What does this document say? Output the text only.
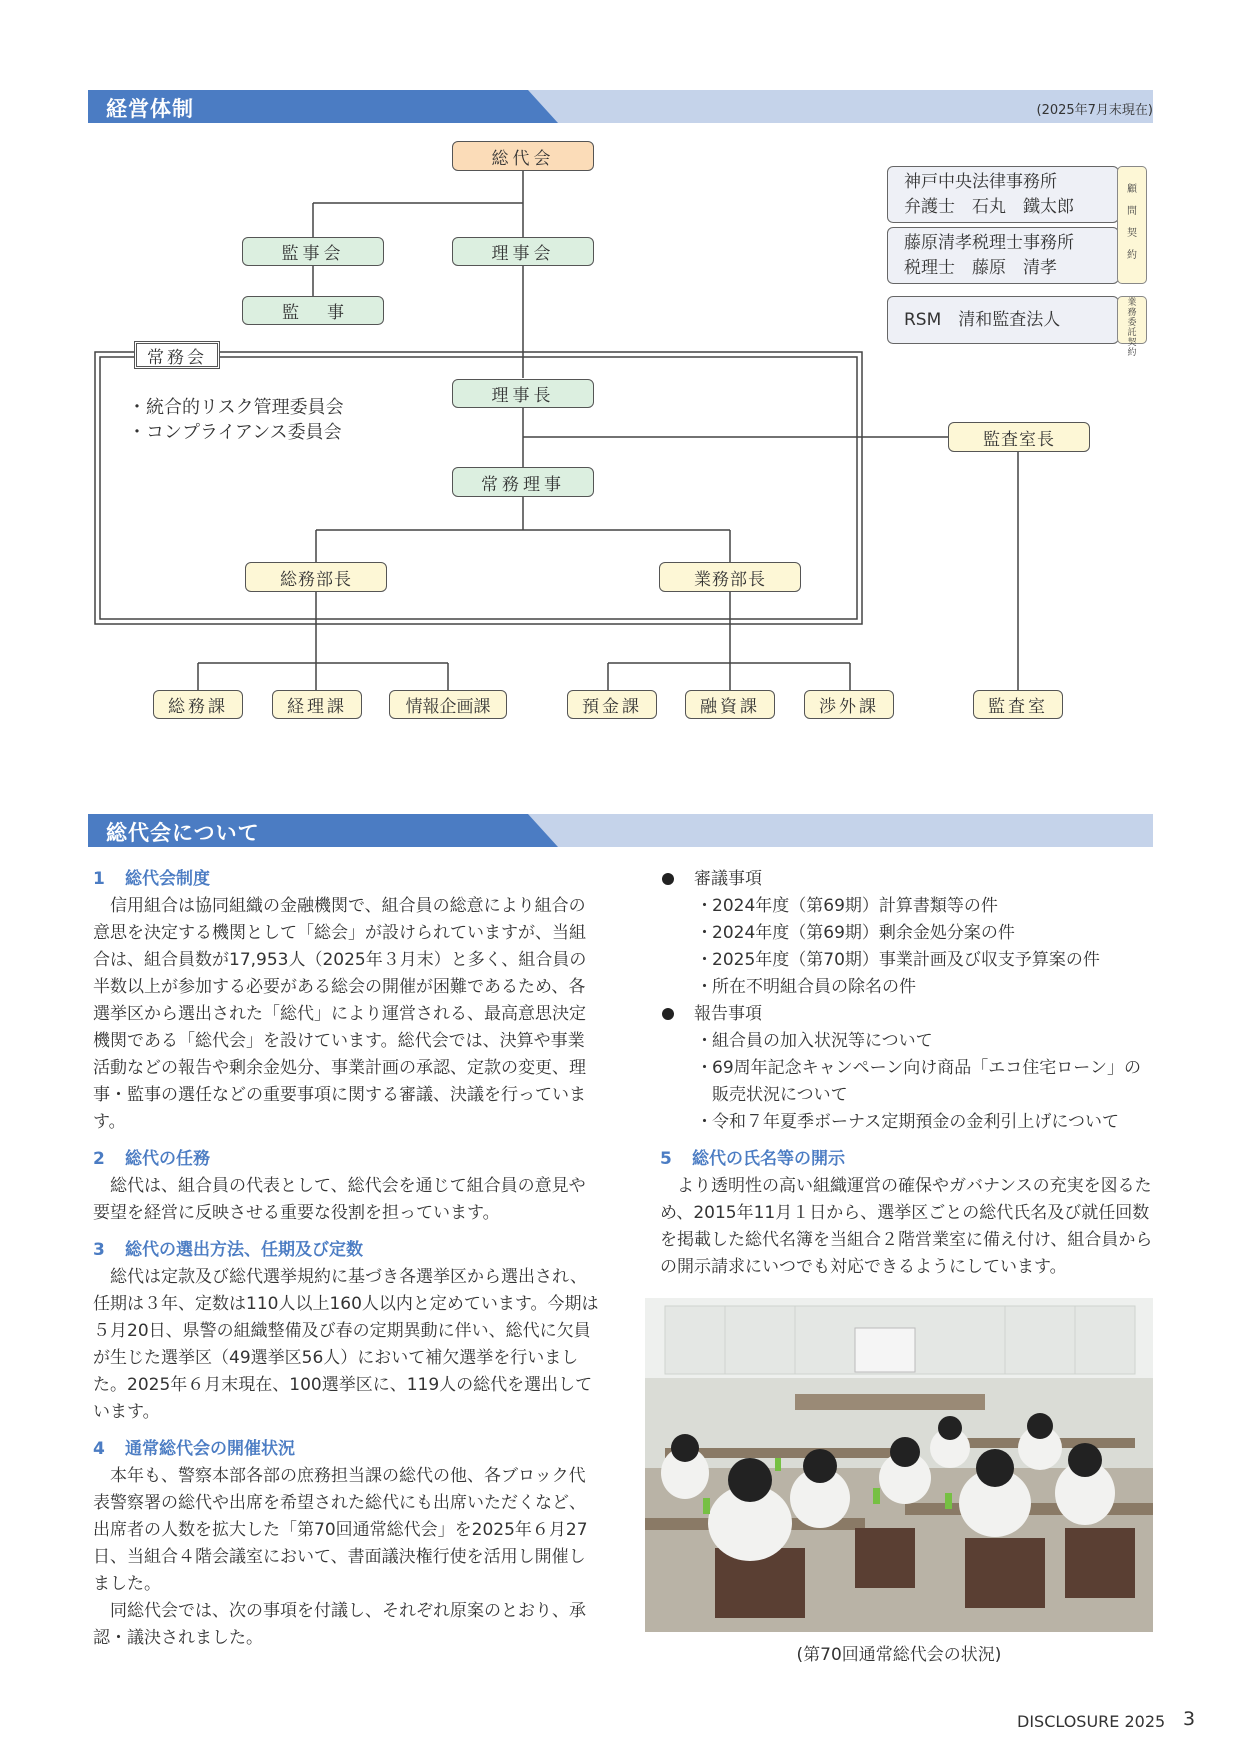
経営体制	(2025年7月末現在)
総代会
監事会	理事会
監事
常務会
・統合的リスク管理委員会
・コンプライアンス委員会
理事長
常務理事
総務部長	業務部長
監査室長
総務課	経理課	情報企画課	預金課	融資課	渉外課	監査室
神戸中央法律事務所
弁護士　石丸　鐵太郎
藤原清孝税理士事務所
税理士　藤原　清孝
顧
問
契
約
RSM　清和監査法人
業
務
委
託
契
約
総代会について
1 総代会制度

信用組合は協同組織の金融機関で、組合員の総意により組合の意思を決定する機関として「総会」が設けられていますが、当組合は、組合員数が17,953人（2025年３月末）と多く、組合員の半数以上が参加する必要がある総会の開催が困難であるため、各選挙区から選出された「総代」により運営される、最高意思決定機関である「総代会」を設けています。総代会では、決算や事業活動などの報告や剰余金処分、事業計画の承認、定款の変更、理事・監事の選任などの重要事項に関する審議、決議を行っています。

2 総代の任務

総代は、組合員の代表として、総代会を通じて組合員の意見や要望を経営に反映させる重要な役割を担っています。

3 総代の選出方法、任期及び定数

総代は定款及び総代選挙規約に基づき各選挙区から選出され、任期は３年、定数は110人以上160人以内と定めています。今期は５月20日、県警の組織整備及び春の定期異動に伴い、総代に欠員が生じた選挙区（49選挙区56人）において補欠選挙を行いました。2025年６月末現在、100選挙区に、119人の総代を選出しています。

4 通常総代会の開催状況

本年も、警察本部各部の庶務担当課の総代の他、各ブロック代表警察署の総代や出席を希望された総代にも出席いただくなど、出席者の人数を拡大した「第70回通常総代会」を2025年６月27日、当組合４階会議室において、書面議決権行使を活用し開催しました。

同総代会では、次の事項を付議し、それぞれ原案のとおり、承認・議決されました。

審議事項
・ 2024年度（第69期）計算書類等の件
・ 2024年度（第69期）剰余金処分案の件
・ 2025年度（第70期）事業計画及び収支予算案の件
・ 所在不明組合員の除名の件
報告事項
・ 組合員の加入状況等について
・ 69周年記念キャンペーン向け商品「エコ住宅ローン」の販売状況について
・ 令和７年夏季ボーナス定期預金の金利引上げについて
5 総代の氏名等の開示

より透明性の高い組織運営の確保やガバナンスの充実を図るため、2015年11月１日から、選挙区ごとの総代氏名及び就任回数を掲載した総代名簿を当組合２階営業室に備え付け、組合員からの開示請求にいつでも対応できるようにしています。

(第70回通常総代会の状況)
DISCLOSURE 2025 3
